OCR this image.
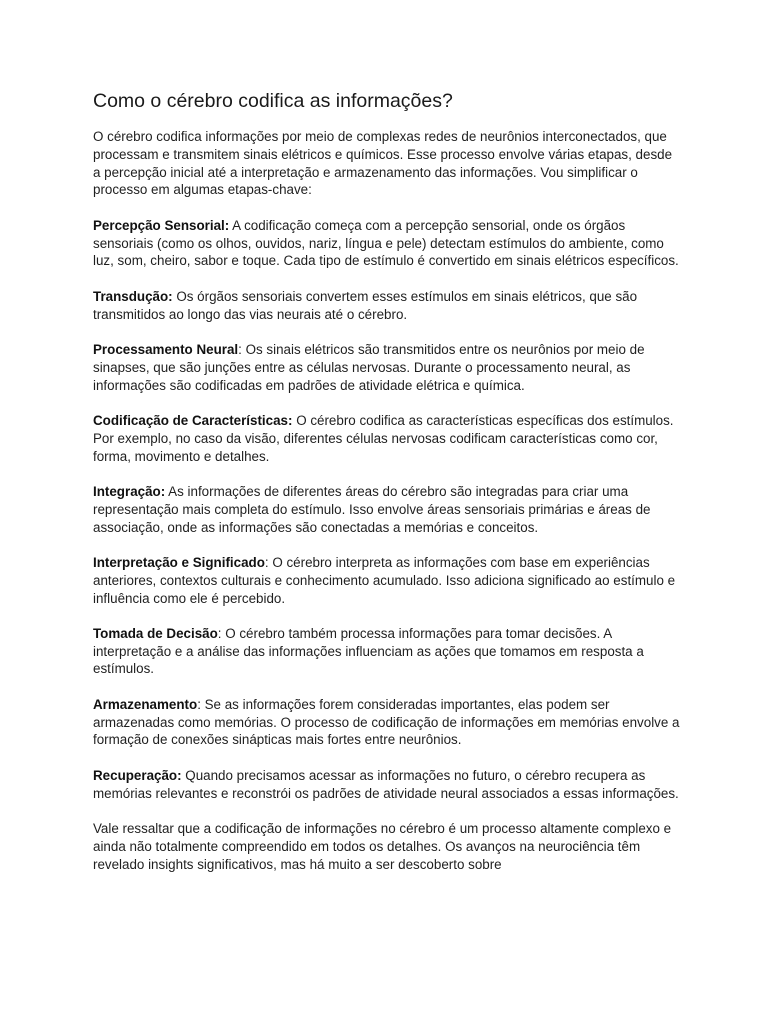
Como o cérebro codifica as informações?

O cérebro codifica informações por meio de complexas redes de neurônios interconectados, que processam e transmitem sinais elétricos e químicos. Esse processo envolve várias etapas, desde a percepção inicial até a interpretação e armazenamento das informações. Vou simplificar o processo em algumas etapas-chave:

Percepção Sensorial: A codificação começa com a percepção sensorial, onde os órgãos sensoriais (como os olhos, ouvidos, nariz, língua e pele) detectam estímulos do ambiente, como luz, som, cheiro, sabor e toque. Cada tipo de estímulo é convertido em sinais elétricos específicos.

Transdução: Os órgãos sensoriais convertem esses estímulos em sinais elétricos, que são transmitidos ao longo das vias neurais até o cérebro.

Processamento Neural: Os sinais elétricos são transmitidos entre os neurônios por meio de sinapses, que são junções entre as células nervosas. Durante o processamento neural, as informações são codificadas em padrões de atividade elétrica e química.

Codificação de Características: O cérebro codifica as características específicas dos estímulos. Por exemplo, no caso da visão, diferentes células nervosas codificam características como cor, forma, movimento e detalhes.

Integração: As informações de diferentes áreas do cérebro são integradas para criar uma representação mais completa do estímulo. Isso envolve áreas sensoriais primárias e áreas de associação, onde as informações são conectadas a memórias e conceitos.

Interpretação e Significado: O cérebro interpreta as informações com base em experiências anteriores, contextos culturais e conhecimento acumulado. Isso adiciona significado ao estímulo e influência como ele é percebido.

Tomada de Decisão: O cérebro também processa informações para tomar decisões. A interpretação e a análise das informações influenciam as ações que tomamos em resposta a estímulos.

Armazenamento: Se as informações forem consideradas importantes, elas podem ser armazenadas como memórias. O processo de codificação de informações em memórias envolve a formação de conexões sinápticas mais fortes entre neurônios.

Recuperação: Quando precisamos acessar as informações no futuro, o cérebro recupera as memórias relevantes e reconstrói os padrões de atividade neural associados a essas informações.

Vale ressaltar que a codificação de informações no cérebro é um processo altamente complexo e ainda não totalmente compreendido em todos os detalhes. Os avanços na neurociência têm revelado insights significativos, mas há muito a ser descoberto sobre
